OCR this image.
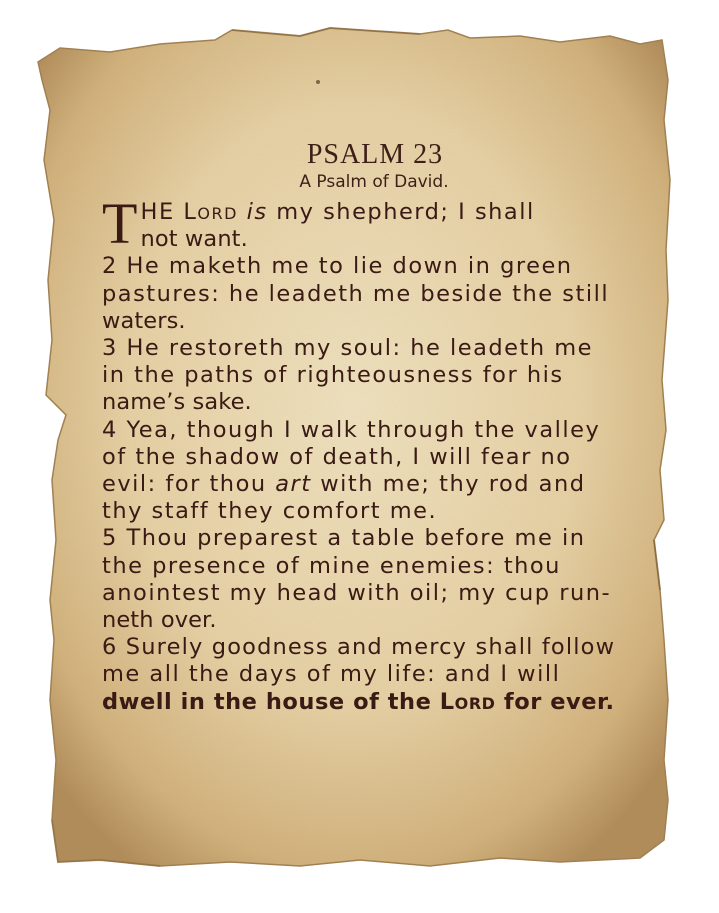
PSALM 23
A Psalm of David.
T HE Lord is my shepherd; I shall
not want.
2 He maketh me to lie down in green
pastures: he leadeth me beside the still
waters.
3 He restoreth my soul: he leadeth me
in the paths of righteousness for his
name’s sake.
4 Yea, though I walk through the valley
of the shadow of death, I will fear no
evil: for thou art with me; thy rod and
thy staff they comfort me.
5 Thou preparest a table before me in
the presence of mine enemies: thou
anointest my head with oil; my cup run-
neth over.
6 Surely goodness and mercy shall follow
me all the days of my life: and I will
dwell in the house of the Lord for ever.
